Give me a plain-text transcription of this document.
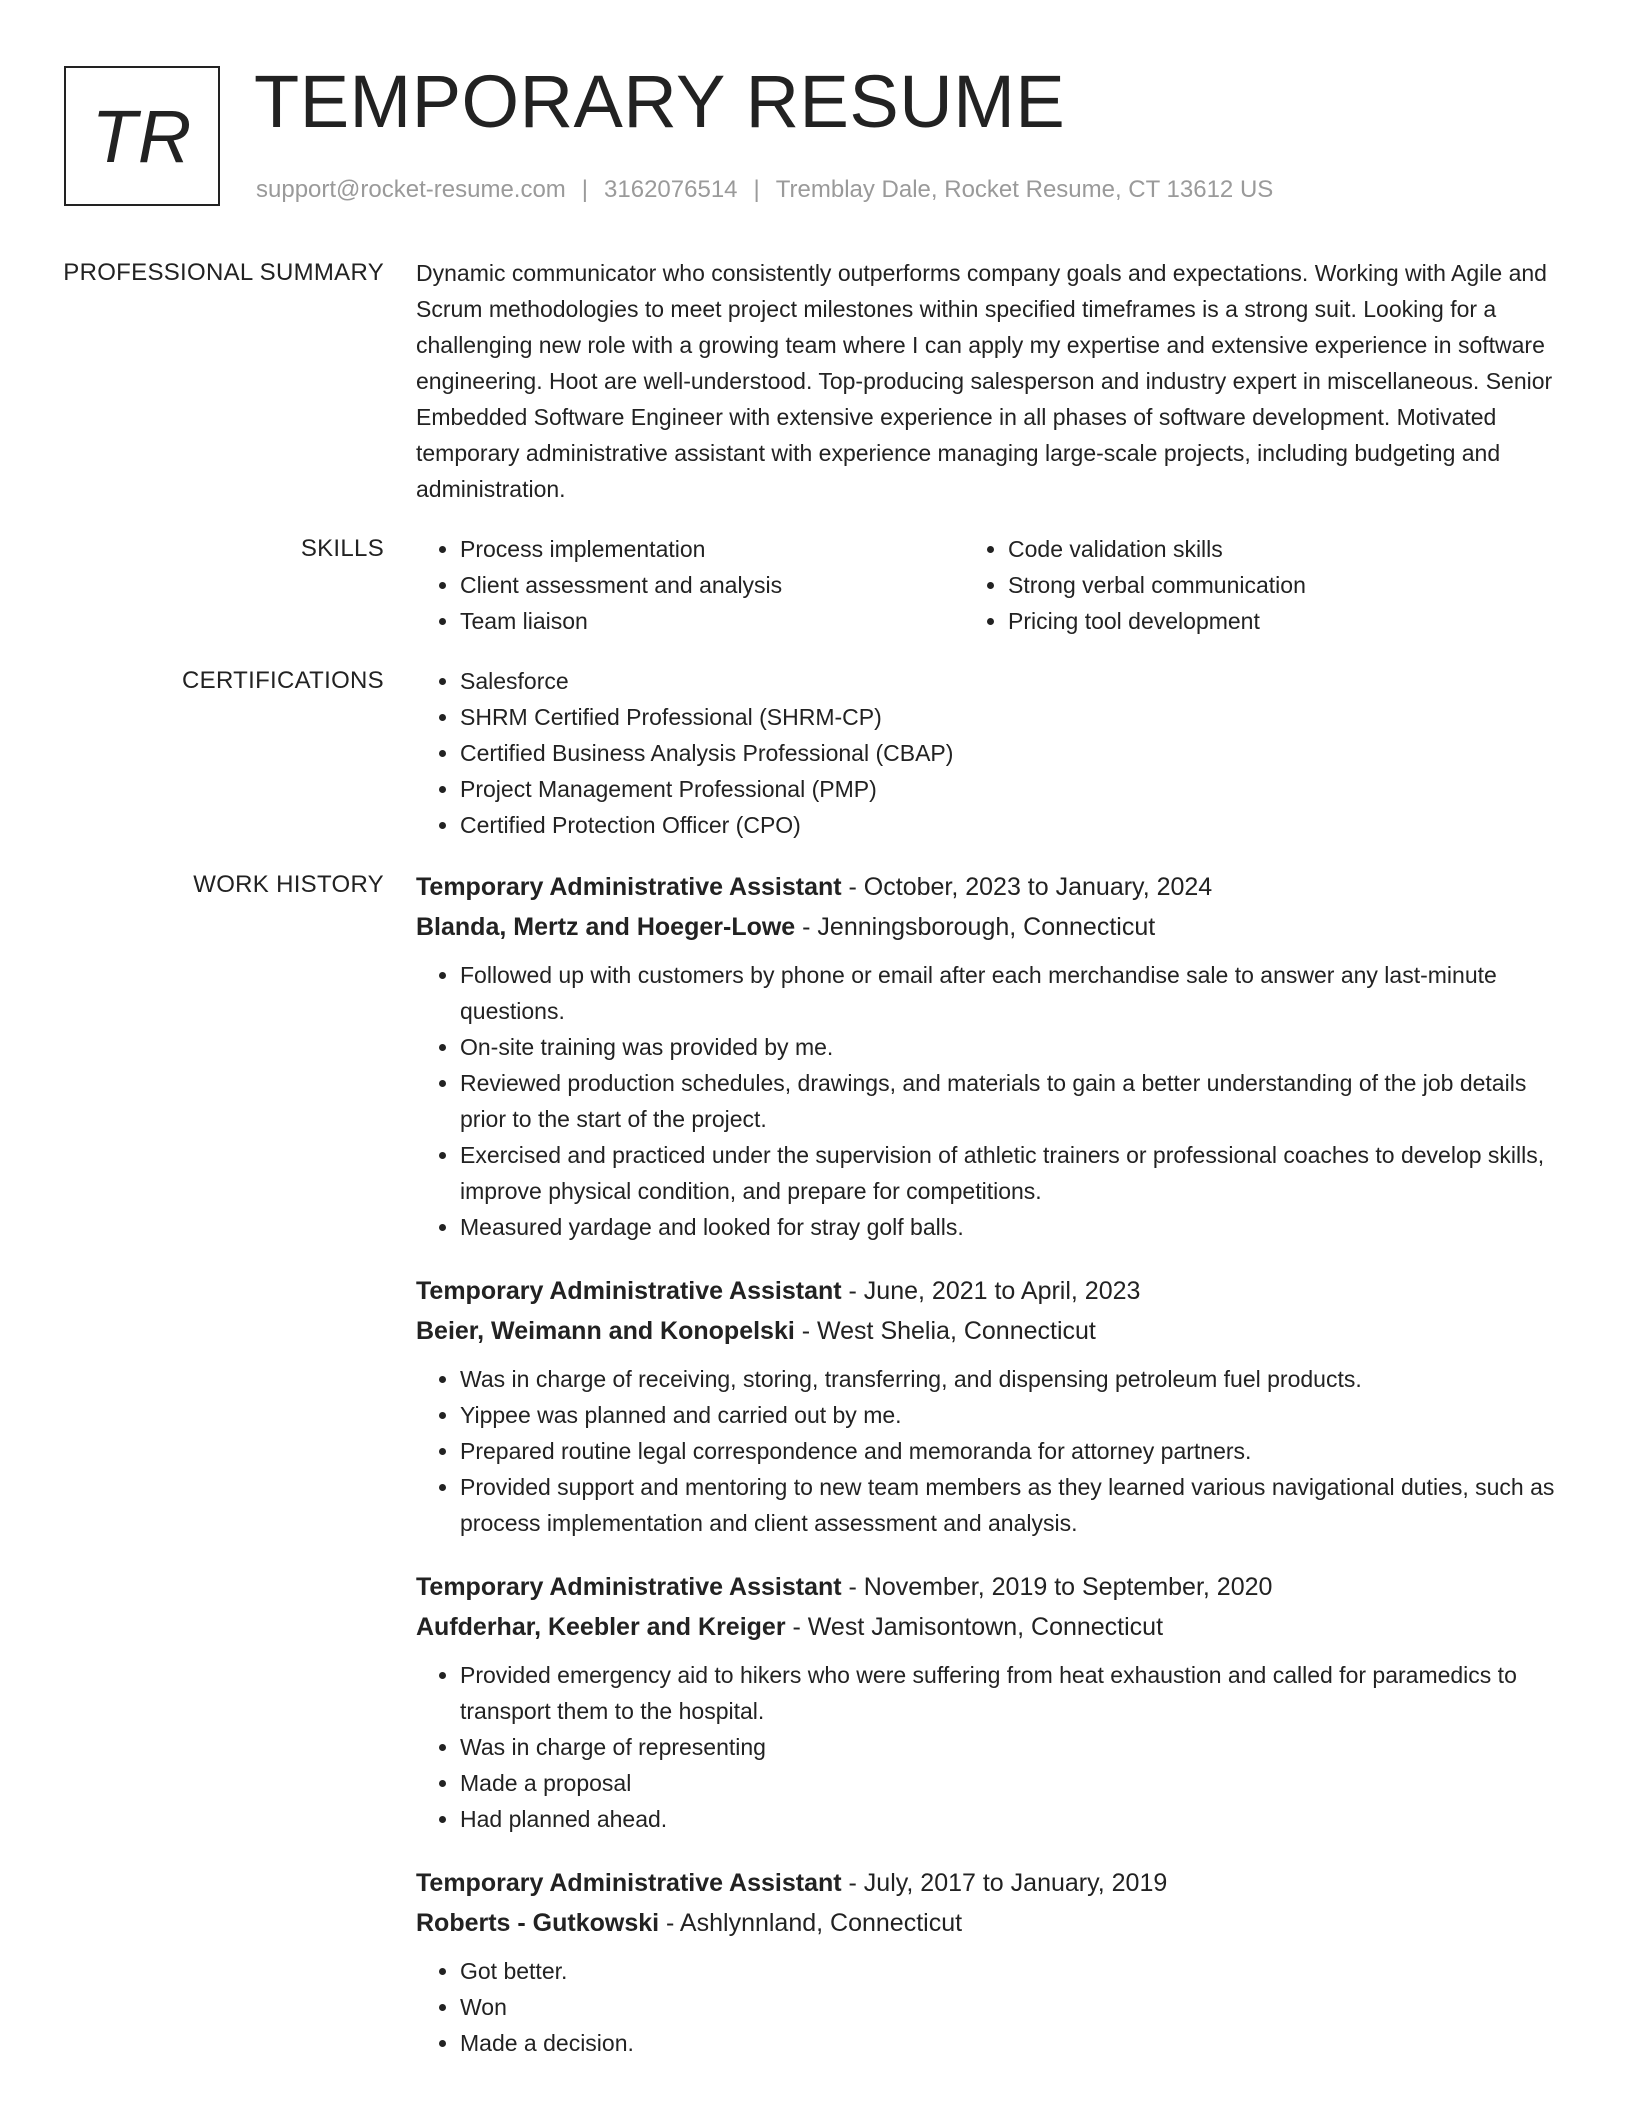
TR TEMPORARY RESUME
support@rocket-resume.com | 3162076514 | Tremblay Dale, Rocket Resume, CT 13612 US
PROFESSIONAL SUMMARY	Dynamic communicator who consistently outperforms company goals and expectations. Working with Agile and Scrum methodologies to meet project milestones within specified timeframes is a strong suit. Looking for a challenging new role with a growing team where I can apply my expertise and extensive experience in software engineering. Hoot are well-understood. Top-producing salesperson and industry expert in miscellaneous. Senior Embedded Software Engineer with extensive experience in all phases of software development. Motivated temporary administrative assistant with experience managing large-scale projects, including budgeting and administration.

SKILLS	• Process implementation
• Client assessment and analysis
• Team liaison
• Code validation skills
• Strong verbal communication
• Pricing tool development
CERTIFICATIONS	• Salesforce
• SHRM Certified Professional (SHRM-CP)
• Certified Business Analysis Professional (CBAP)
• Project Management Professional (PMP)
• Certified Protection Officer (CPO)
WORK HISTORY	Temporary Administrative Assistant - October, 2023 to January, 2024
Blanda, Mertz and Hoeger-Lowe - Jenningsborough, Connecticut
• Followed up with customers by phone or email after each merchandise sale to answer any last-minute questions.
• On-site training was provided by me.
• Reviewed production schedules, drawings, and materials to gain a better understanding of the job details prior to the start of the project.
• Exercised and practiced under the supervision of athletic trainers or professional coaches to develop skills, improve physical condition, and prepare for competitions.
• Measured yardage and looked for stray golf balls.
Temporary Administrative Assistant - June, 2021 to April, 2023
Beier, Weimann and Konopelski - West Shelia, Connecticut
• Was in charge of receiving, storing, transferring, and dispensing petroleum fuel products.
• Yippee was planned and carried out by me.
• Prepared routine legal correspondence and memoranda for attorney partners.
• Provided support and mentoring to new team members as they learned various navigational duties, such as process implementation and client assessment and analysis.
Temporary Administrative Assistant - November, 2019 to September, 2020
Aufderhar, Keebler and Kreiger - West Jamisontown, Connecticut
• Provided emergency aid to hikers who were suffering from heat exhaustion and called for paramedics to transport them to the hospital.
• Was in charge of representing
• Made a proposal
• Had planned ahead.
Temporary Administrative Assistant - July, 2017 to January, 2019
Roberts - Gutkowski - Ashlynnland, Connecticut
• Got better.
• Won
• Made a decision.
